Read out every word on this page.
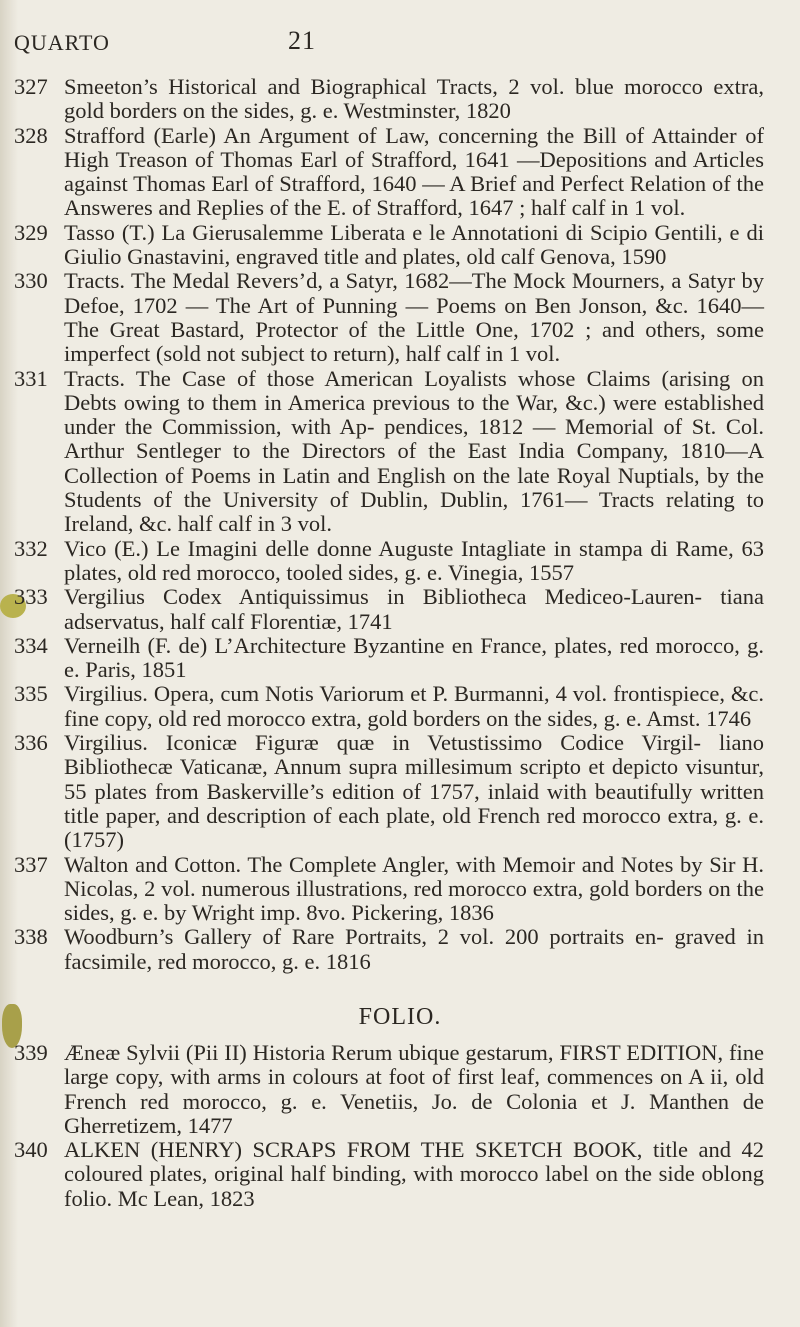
QUARTO	21
327 Smeeton’s Historical and Biographical Tracts, 2 vol. blue morocco extra, gold borders on the sides, g. e. Westminster, 1820
328 Strafford (Earle) An Argument of Law, concerning the Bill of Attainder of High Treason of Thomas Earl of Strafford, 1641 —Depositions and Articles against Thomas Earl of Strafford, 1640 — A Brief and Perfect Relation of the Answeres and Replies of the E. of Strafford, 1647 ; half calf in 1 vol.
329 Tasso (T.) La Gierusalemme Liberata e le Annotationi di Scipio Gentili, e di Giulio Gnastavini, engraved title and plates, old calf Genova, 1590
330 Tracts. The Medal Revers’d, a Satyr, 1682—The Mock Mourners, a Satyr by Defoe, 1702 — The Art of Punning — Poems on Ben Jonson, &c. 1640—The Great Bastard, Protector of the Little One, 1702 ; and others, some imperfect (sold not subject to return), half calf in 1 vol.
331 Tracts. The Case of those American Loyalists whose Claims (arising on Debts owing to them in America previous to the War, &c.) were established under the Commission, with Ap- pendices, 1812 — Memorial of St. Col. Arthur Sentleger to the Directors of the East India Company, 1810—A Collection of Poems in Latin and English on the late Royal Nuptials, by the Students of the University of Dublin, Dublin, 1761— Tracts relating to Ireland, &c. half calf in 3 vol.
332 Vico (E.) Le Imagini delle donne Auguste Intagliate in stampa di Rame, 63 plates, old red morocco, tooled sides, g. e. Vinegia, 1557
333 Vergilius Codex Antiquissimus in Bibliotheca Mediceo-Lauren- tiana adservatus, half calf Florentiæ, 1741
334 Verneilh (F. de) L’Architecture Byzantine en France, plates, red morocco, g. e. Paris, 1851
335 Virgilius. Opera, cum Notis Variorum et P. Burmanni, 4 vol. frontispiece, &c. fine copy, old red morocco extra, gold borders on the sides, g. e. Amst. 1746
336 Virgilius. Iconicæ Figuræ quæ in Vetustissimo Codice Virgil- liano Bibliothecæ Vaticanæ, Annum supra millesimum scripto et depicto visuntur, 55 plates from Baskerville’s edition of 1757, inlaid with beautifully written title paper, and description of each plate, old French red morocco extra, g. e. (1757)
337 Walton and Cotton. The Complete Angler, with Memoir and Notes by Sir H. Nicolas, 2 vol. numerous illustrations, red morocco extra, gold borders on the sides, g. e. by Wright imp. 8vo. Pickering, 1836
338 Woodburn’s Gallery of Rare Portraits, 2 vol. 200 portraits en- graved in facsimile, red morocco, g. e. 1816
FOLIO.
339 Æneæ Sylvii (Pii II) Historia Rerum ubique gestarum, FIRST EDITION, fine large copy, with arms in colours at foot of first leaf, commences on A ii, old French red morocco, g. e. Venetiis, Jo. de Colonia et J. Manthen de Gherretizem, 1477
340 ALKEN (HENRY) SCRAPS FROM THE SKETCH BOOK, title and 42 coloured plates, original half binding, with morocco label on the side oblong folio. Mc Lean, 1823
